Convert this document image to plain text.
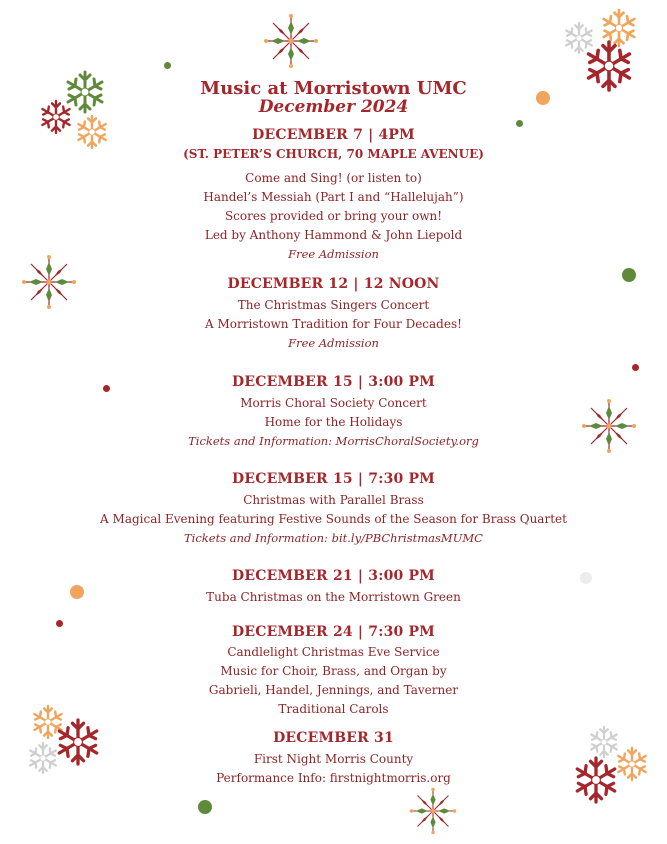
Music at Morristown UMC
December 2024
DECEMBER 7 | 4PM
(ST. PETER’S CHURCH, 70 MAPLE AVENUE)
Come and Sing! (or listen to)
Handel’s Messiah (Part I and “Hallelujah”)
Scores provided or bring your own!
Led by Anthony Hammond & John Liepold
Free Admission
DECEMBER 12 | 12 NOON
The Christmas Singers Concert
A Morristown Tradition for Four Decades!
Free Admission
DECEMBER 15 | 3:00 PM
Morris Choral Society Concert
Home for the Holidays
Tickets and Information: MorrisChoralSociety.org
DECEMBER 15 | 7:30 PM
Christmas with Parallel Brass
A Magical Evening featuring Festive Sounds of the Season for Brass Quartet
Tickets and Information: bit.ly/PBChristmasMUMC
DECEMBER 21 | 3:00 PM
Tuba Christmas on the Morristown Green
DECEMBER 24 | 7:30 PM
Candlelight Christmas Eve Service
Music for Choir, Brass, and Organ by
Gabrieli, Handel, Jennings, and Taverner
Traditional Carols
DECEMBER 31
First Night Morris County
Performance Info: firstnightmorris.org
